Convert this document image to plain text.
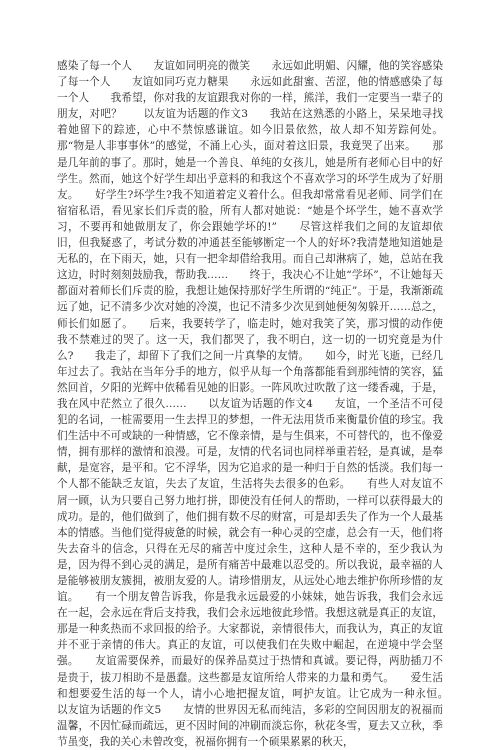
感染了每一个人　　友谊如同明亮的微笑　　永远如此明媚、闪耀，他的笑容感染了每一个人　　友谊如同巧克力糖果　　永远如此甜蜜、苦涩，他的情感感染了每一个人　　我希望，你对我的友谊跟我对你的一样，熊洋，我们一定要当一辈子的朋友，对吧？　　以友谊为话题的作文3　　我站在这熟悉的小路上，呆呆地寻找着她留下的踪迹，心中不禁惊感谦谊。如今旧景依然，故人却不知芳踪何处。那“物是人非事事休”的感觉，不涌上心头，面对着这旧景，我竟哭了出来。　　那是几年前的事了。那时，她是一个善良、单纯的女孩儿，她是所有老师心目中的好学生。然而，她这个好学生却出乎意料的和我这个不喜欢学习的坏学生成为了好朋友。　　好学生?坏学生?我不知道着定义着什么。但我却常常看见老师、同学们在宿宿私语，看见家长们斥责的脸，所有人都对她说：“她是个坏学生，她不喜欢学习，不要再和她做朋友了，你会跟她学坏的!”　　尽管这样我们之间的友谊却依旧，但我疑惑了，考试分数的冲通甚至能够断定一个人的好坏?我清楚地知道她是无私的，在下雨天，她，只有一把伞却借给我用。而自己却淋病了，她，总站在我这边，时时刻刻鼓励我，帮助我……　　终于，我决心不让她“学坏”，不让她每天都面对着师长们斥责的脸，我想让她保持那好学生所谓的“纯正”。于是，我渐渐疏远了她，记不清多少次对她的冷漠，也记不清多少次见到她便匆匆躲开……总之，师长们如愿了。　　后来，我要转学了，临走时，她对我笑了笑，那习惯的动作使我不禁难过的哭了。这一天，我们都哭了，我不明白，这一切的一切究竟是为什么?　　我走了，却留下了我们之间一片真挚的友情。　　如今，时光飞逝，已经几年过去了。我站在当年分手的地方，似乎从每一个角落都能看到那纯情的笑容，猛然回首，夕阳的光辉中依稀看见她的旧影。一阵风吹过吹散了这一缕香魂，于是，我在风中茫然立了很久……　　以友谊为话题的作文4　　友谊，一个圣洁不可侵犯的名词，一桩需要用一生去捍卫的梦想，一件无法用货币来衡量价值的珍宝。我们生活中不可或缺的一种情感，它不像亲情，是与生俱来，不可替代的，也不像爱情，拥有那样的激情和浪漫。可是，友情的代名词也同样举重若轻，是真诚，是奉献，是宽容，是平和。它不浮华，因为它追求的是一种归于自然的恬淡。我们每一个人都不能缺乏友谊，失去了友谊，生活将失去很多的色彩。　　有些人对友谊不屑一顾，认为只要自己努力地打拼，即使没有任何人的帮助，一样可以获得最大的成功。是的，他们做到了，他们拥有数不尽的财富，可是却丢失了作为一个人最基本的情感。当他们觉得疲惫的时候，就会有一种心灵的空虚，总会有一天，他们将失去奋斗的信念，只得在无尽的痛苦中度过余生，这种人是不幸的，至少我认为是，因为得不到心灵的满足，是所有痛苦中最难以忍受的。所以我说，最幸福的人是能够被朋友簇拥，被朋友爱的人。请珍惜朋友，从远处心地去维护你所珍惜的友谊。　　有一个朋友曾告诉我，你是我永远最爱的小妹妹，她告诉我，我们会永远在一起，会永远在背后支持我，我们会永远地彼此珍惜。我想这就是真正的友谊，那是一种炙热而不求回报的给予。大家都说，亲情很伟大，而我认为，真正的友谊并不亚于亲情的伟大。真正的友谊，可以使我们在失败中崛起，在逆境中学会坚强。　　友谊需要保养，而最好的保养品莫过于热情和真诚。要记得，两肋插刀不是贵于，拔刀相助不是愚蠢。这些都是友谊所给人带来的力量和勇气。　　爱生活和想要爱生活的每一个人，请小心地把握友谊，呵护友谊。让它成为一种永恒。　　以友谊为话题的作文5　　友情的世界因无私而纯洁，多彩的空间因朋友的祝福而温馨，不因忙碌而疏远，更不因时间的冲刷而淡忘你，秋花冬雪，夏去又立秋，季节虽变，我的关心未曾改变，祝福你拥有一个硕果累累的秋天，
